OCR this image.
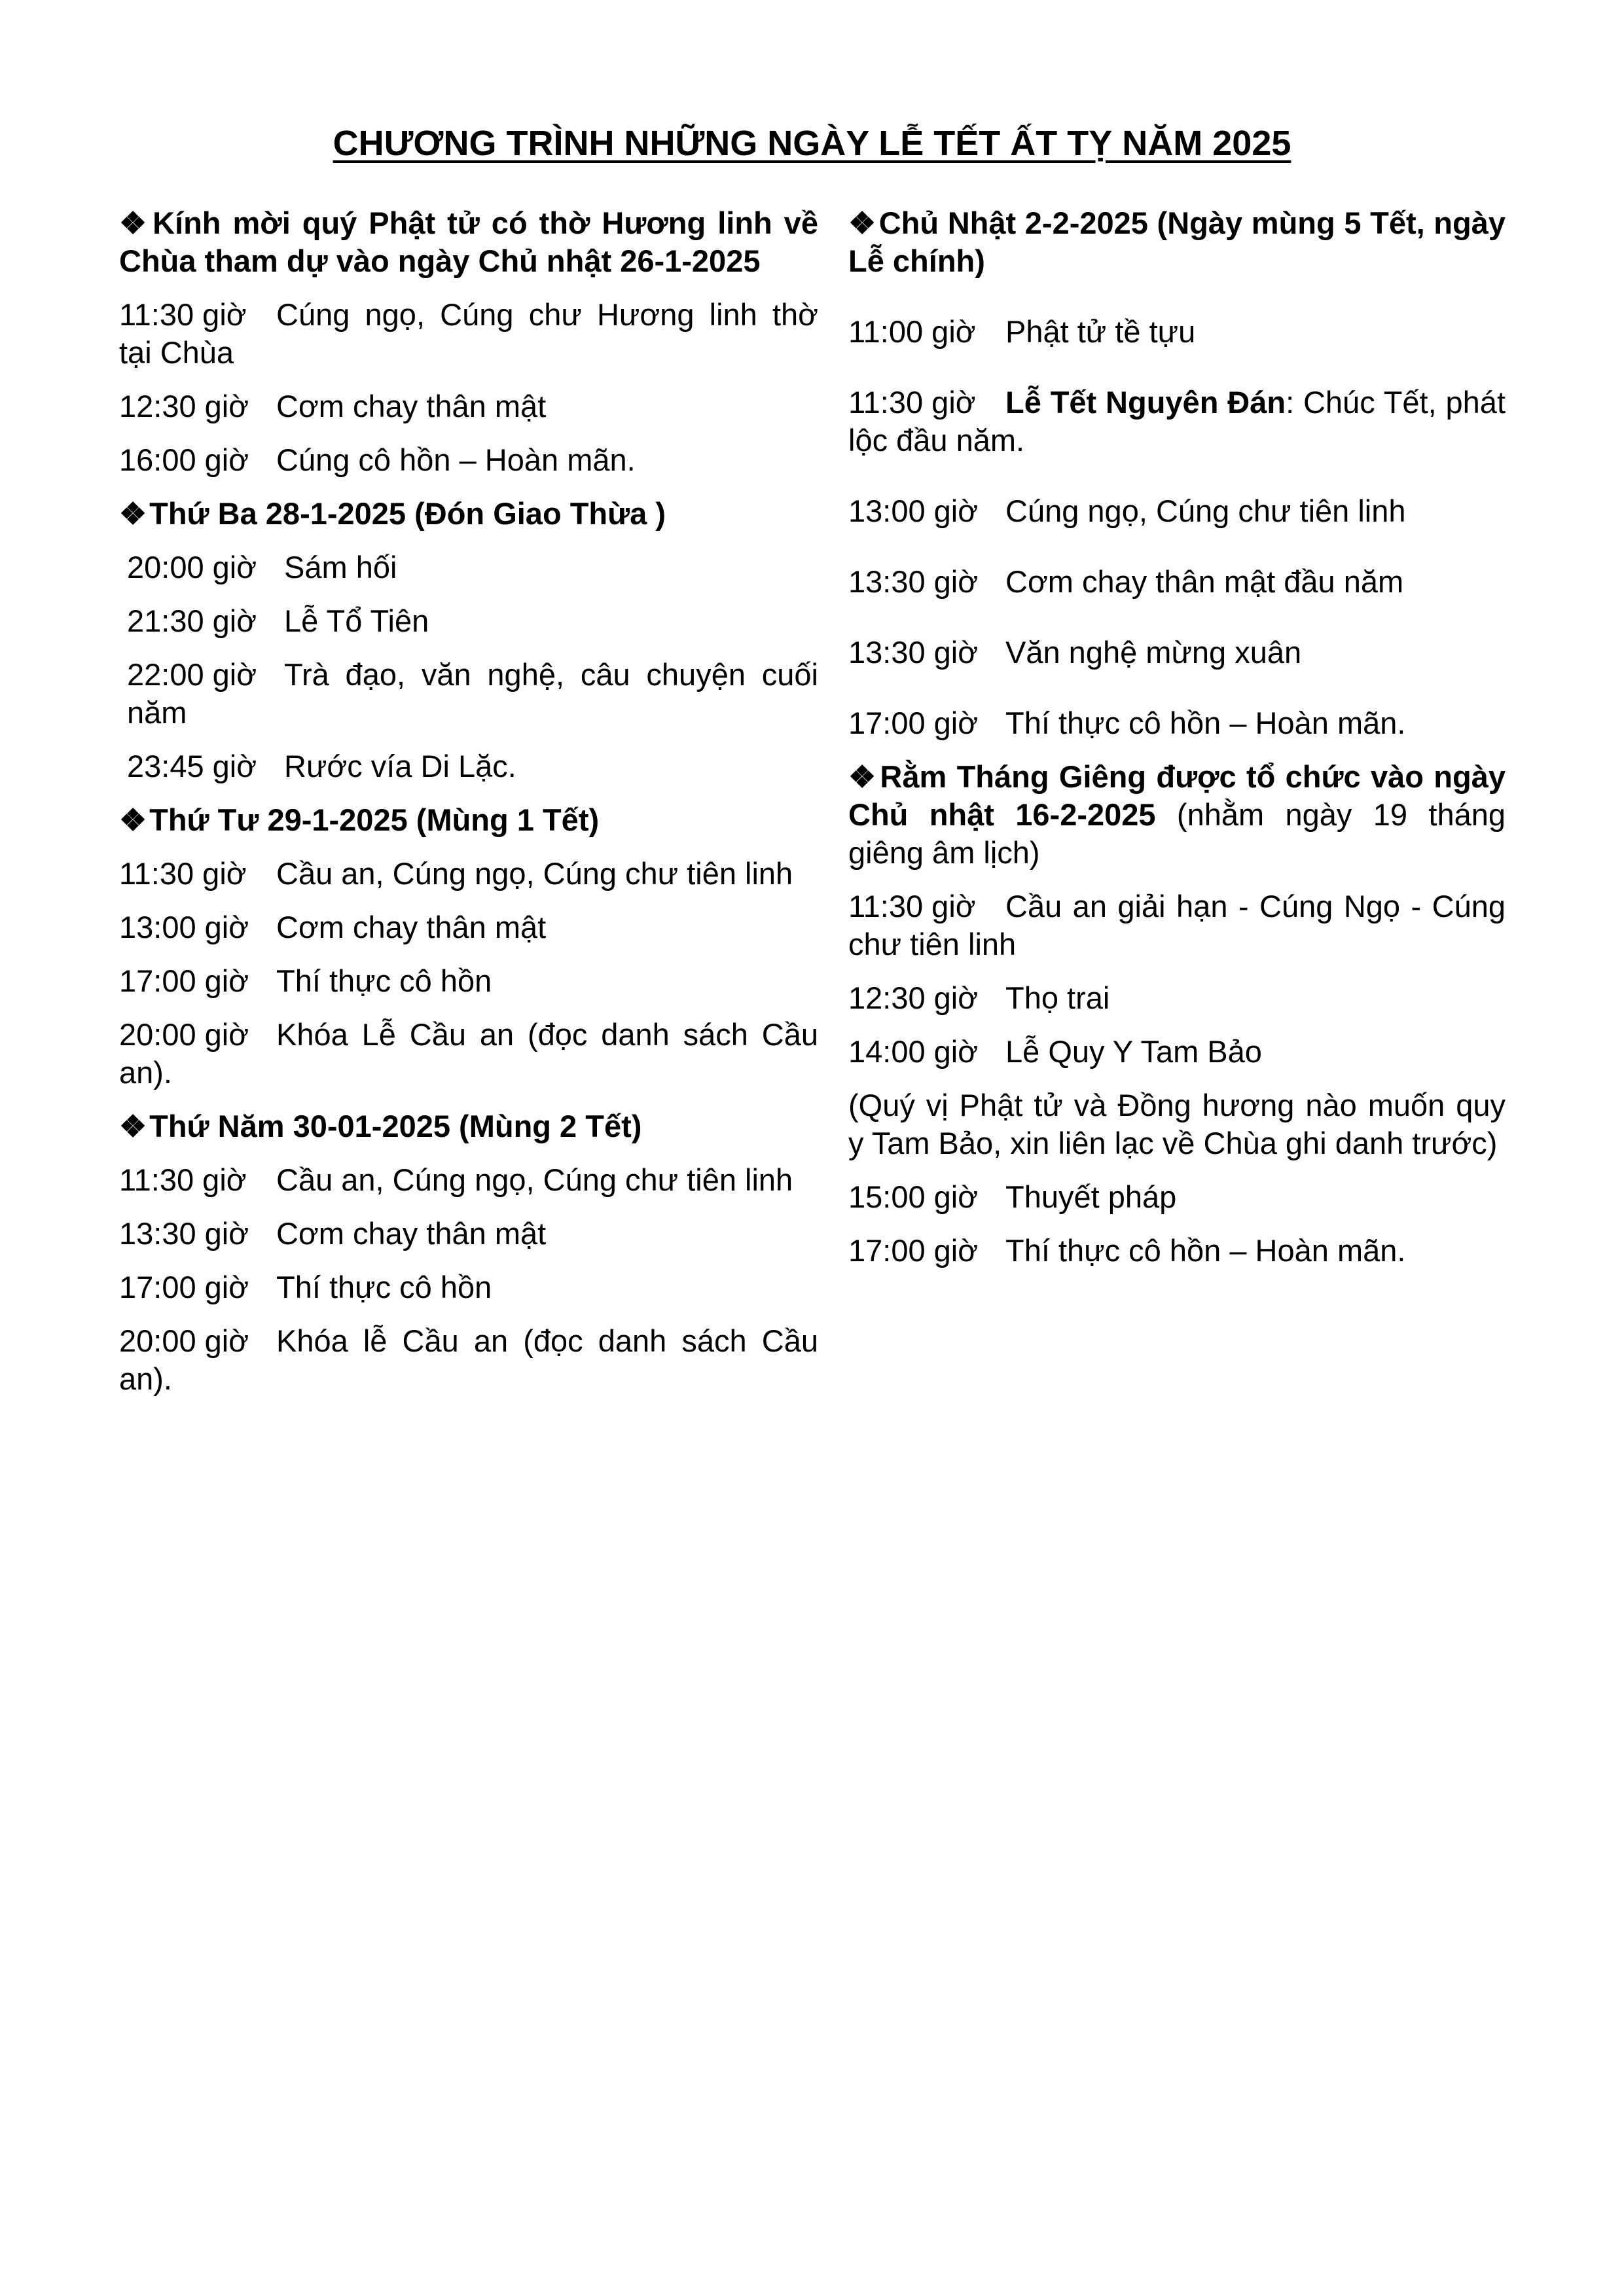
CHƯƠNG TRÌNH NHỮNG NGÀY LỄ TẾT ẤT TỴ NĂM 2025

❖Kính mời quý Phật tử có thờ Hương linh về Chùa tham dự vào ngày Chủ nhật 26-1-2025

11:30 giờ Cúng ngọ, Cúng chư Hương linh thờ tại Chùa

12:30 giờ Cơm chay thân mật

16:00 giờ Cúng cô hồn – Hoàn mãn.

❖Thứ Ba 28-1-2025 (Đón Giao Thừa )

20:00 giờ Sám hối

21:30 giờ Lễ Tổ Tiên

22:00 giờ Trà đạo, văn nghệ, câu chuyện cuối năm

23:45 giờ Rước vía Di Lặc.

❖Thứ Tư 29-1-2025 (Mùng 1 Tết)

11:30 giờ Cầu an, Cúng ngọ, Cúng chư tiên linh

13:00 giờ Cơm chay thân mật

17:00 giờ Thí thực cô hồn

20:00 giờ Khóa Lễ Cầu an (đọc danh sách Cầu an).

❖Thứ Năm 30-01-2025 (Mùng 2 Tết)

11:30 giờ Cầu an, Cúng ngọ, Cúng chư tiên linh

13:30 giờ Cơm chay thân mật

17:00 giờ Thí thực cô hồn

20:00 giờ Khóa lễ Cầu an (đọc danh sách Cầu an).

❖Chủ Nhật 2-2-2025 (Ngày mùng 5 Tết, ngày Lễ chính)

11:00 giờ Phật tử tề tựu

11:30 giờ Lễ Tết Nguyên Đán: Chúc Tết, phát lộc đầu năm.

13:00 giờ Cúng ngọ, Cúng chư tiên linh

13:30 giờ Cơm chay thân mật đầu năm

13:30 giờ Văn nghệ mừng xuân

17:00 giờ Thí thực cô hồn – Hoàn mãn.

❖Rằm Tháng Giêng được tổ chức vào ngày Chủ nhật 16-2-2025 (nhằm ngày 19 tháng giêng âm lịch)

11:30 giờ Cầu an giải hạn - Cúng Ngọ - Cúng chư tiên linh

12:30 giờ Thọ trai

14:00 giờ Lễ Quy Y Tam Bảo

(Quý vị Phật tử và Đồng hương nào muốn quy y Tam Bảo, xin liên lạc về Chùa ghi danh trước)

15:00 giờ Thuyết pháp

17:00 giờ Thí thực cô hồn – Hoàn mãn.
